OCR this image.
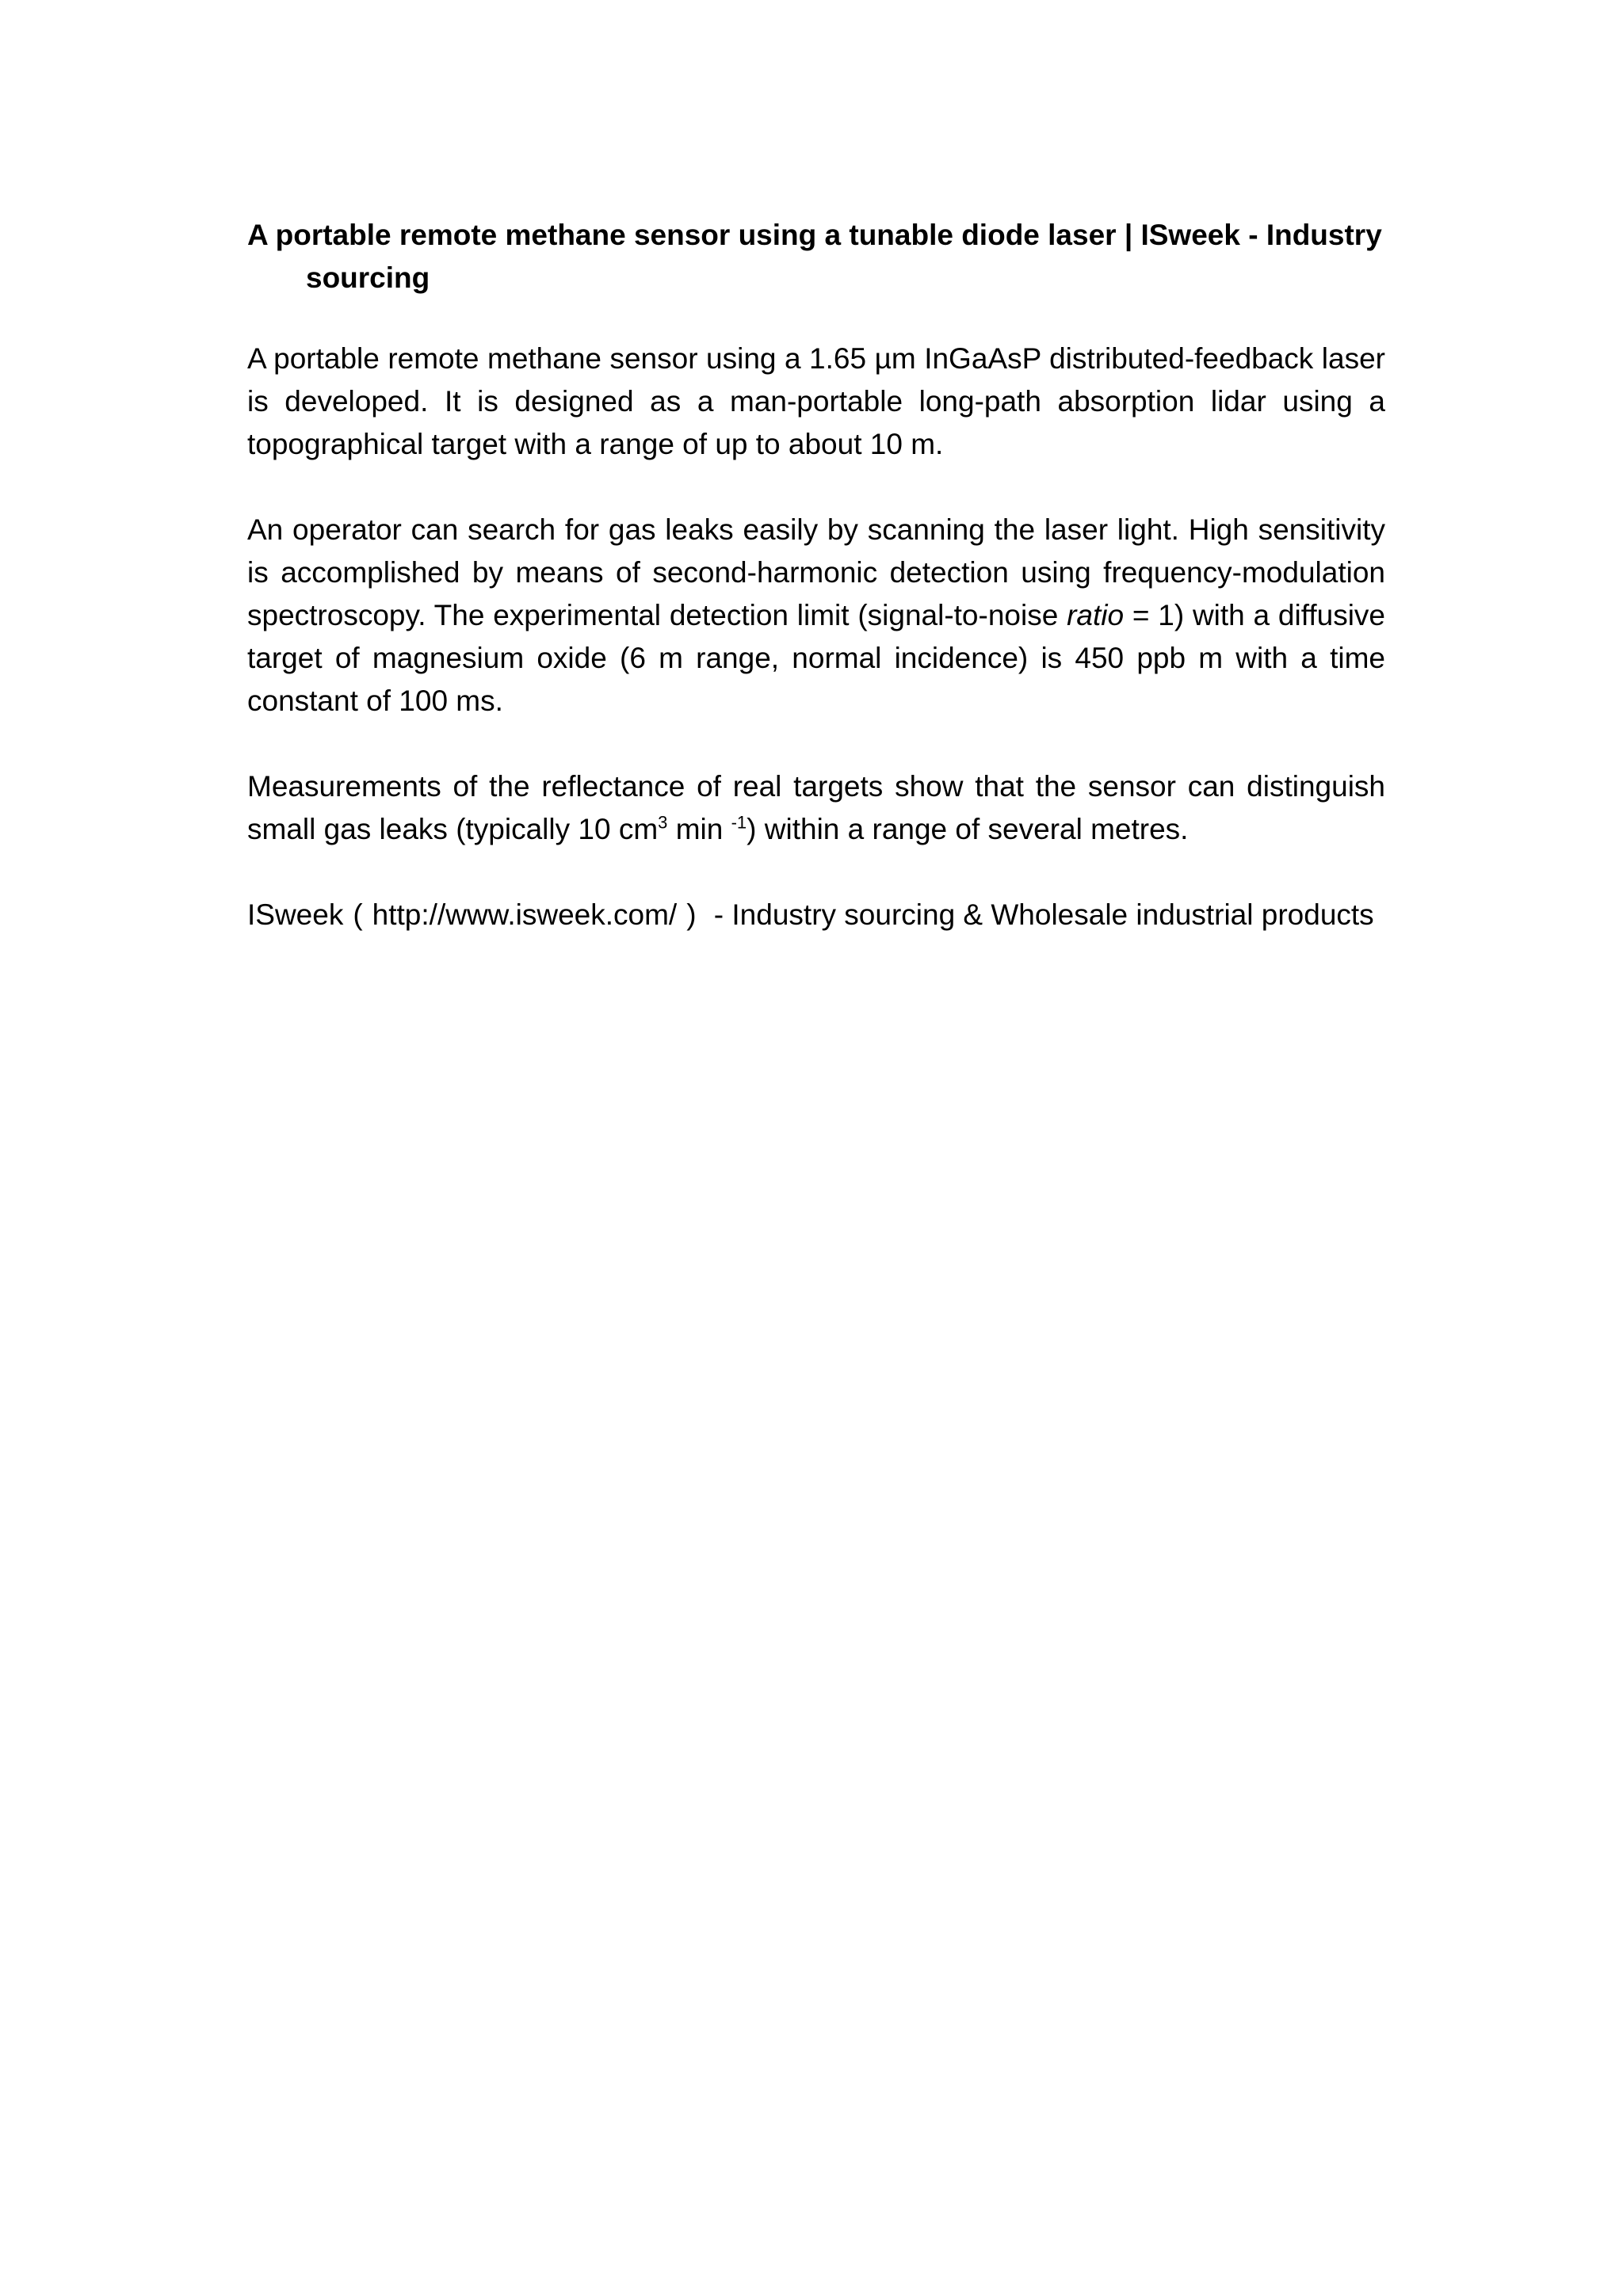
A portable remote methane sensor using a tunable diode laser | ISweek - Industry sourcing

A portable remote methane sensor using a 1.65 µm InGaAsP distributed-feedback laser is developed. It is designed as a man-portable long-path absorption lidar using a topographical target with a range of up to about 10 m.

An operator can search for gas leaks easily by scanning the laser light. High sensitivity is accomplished by means of second-harmonic detection using frequency-modulation spectroscopy. The experimental detection limit (signal-to-noise ratio = 1) with a diffusive target of magnesium oxide (6 m range, normal incidence) is 450 ppb m with a time constant of 100 ms.

Measurements of the reflectance of real targets show that the sensor can distinguish small gas leaks (typically 10 $cm^3$ min $^{-1}$) within a range of several metres.

ISweek ( http://www.isweek.com/ ) - Industry sourcing & Wholesale industrial products
